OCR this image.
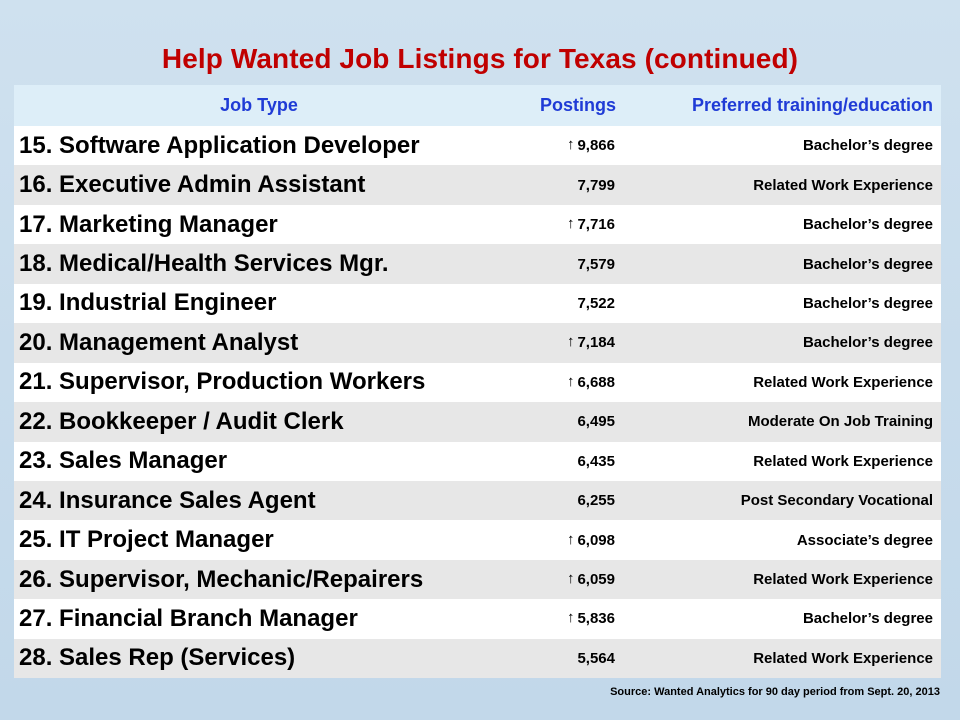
Help Wanted Job Listings for Texas (continued)
Job Type	Postings	Preferred training/education
15. Software Application Developer	↑ 9,866	Bachelor’s degree
16. Executive Admin Assistant	7,799	Related Work Experience
17. Marketing Manager	↑ 7,716	Bachelor’s degree
18. Medical/Health Services Mgr.	7,579	Bachelor’s degree
19. Industrial Engineer	7,522	Bachelor’s degree
20. Management Analyst	↑ 7,184	Bachelor’s degree
21. Supervisor, Production Workers	↑ 6,688	Related Work Experience
22. Bookkeeper / Audit Clerk	6,495	Moderate On Job Training
23. Sales Manager	6,435	Related Work Experience
24. Insurance Sales Agent	6,255	Post Secondary Vocational
25. IT Project Manager	↑ 6,098	Associate’s degree
26. Supervisor, Mechanic/Repairers	↑ 6,059	Related Work Experience
27. Financial Branch Manager	↑ 5,836	Bachelor’s degree
28. Sales Rep (Services)	5,564	Related Work Experience
Source: Wanted Analytics for 90 day period from Sept. 20, 2013
